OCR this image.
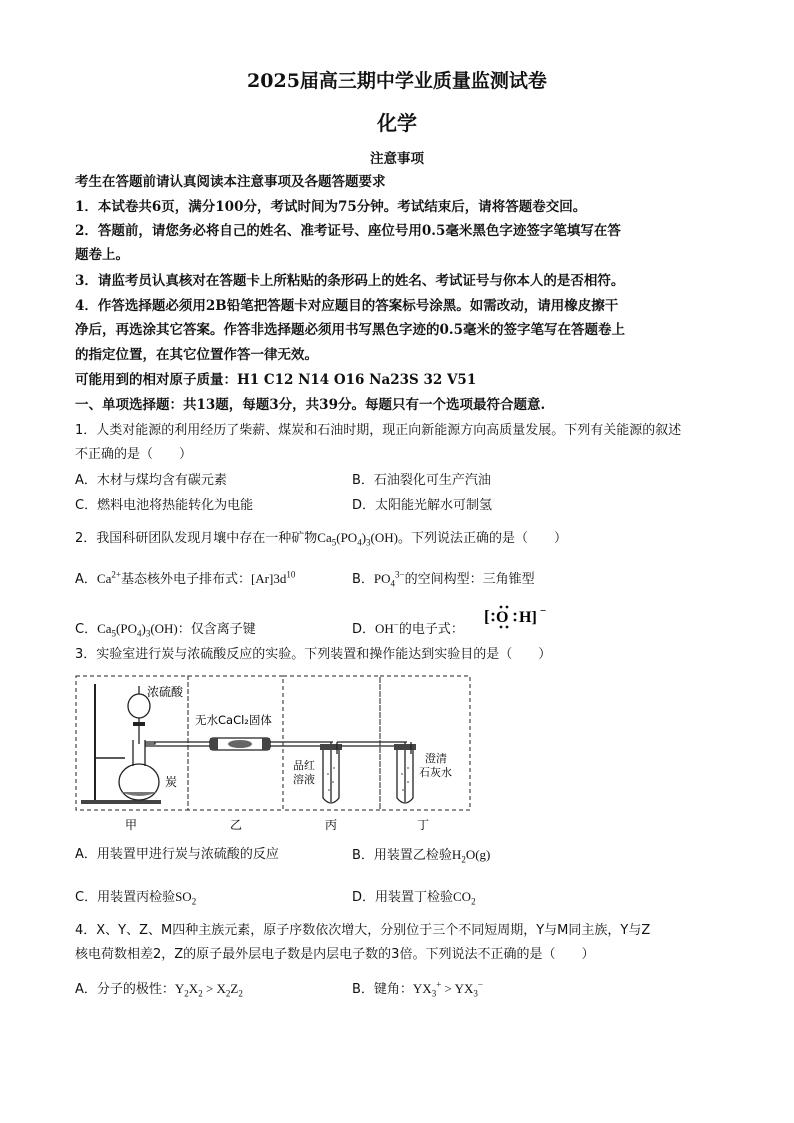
2025届高三期中学业质量监测试卷
化学
注意事项
考生在答题前请认真阅读本注意事项及各题答题要求
1．本试卷共6页，满分100分，考试时间为75分钟。考试结束后，请将答题卷交回。
2．答题前，请您务必将自己的姓名、准考证号、座位号用0.5毫米黑色字迹签字笔填写在答
题卷上。
3．请监考员认真核对在答题卡上所粘贴的条形码上的姓名、考试证号与你本人的是否相符。
4．作答选择题必须用2B铅笔把答题卡对应题目的答案标号涂黑。如需改动，请用橡皮擦干
净后，再选涂其它答案。作答非选择题必须用书写黑色字迹的0.5毫米的签字笔写在答题卷上
的指定位置，在其它位置作答一律无效。
可能用到的相对原子质量：H1 C12 N14 O16 Na23S 32 V51
一、单项选择题：共13题，每题3分，共39分。每题只有一个选项最符合题意.
1．人类对能源的利用经历了柴薪、煤炭和石油时期，现正向新能源方向高质量发展。下列有关能源的叙述
不正确的是（　　）
A．木材与煤均含有碳元素	B．石油裂化可生产汽油
C．燃料电池将热能转化为电能	D．太阳能光解水可制氢
2．我国科研团队发现月壤中存在一种矿物$Ca_5(PO_4)_3(OH)$。下列说法正确的是（　　）
A．$Ca^{2+}$基态核外电子排布式：$[Ar]3d^{10}$	B．$PO_4^{3-}$的空间构型：三角锥型
C．$Ca_5(PO_4)_3(OH)$：仅含离子键	D．OH−的电子式：
[ O H] −
3．实验室进行炭与浓硫酸反应的实验。下列装置和操作能达到实验目的是（　　）
浓硫酸
无水CaCl₂固体
炭
品红
溶液
澄清
石灰水
甲	乙	丙	丁
A．用装置甲进行炭与浓硫酸的反应	B．用装置乙检验$H_2O(g)$
C．用装置丙检验$SO_2$	D．用装置丁检验$CO_2$
4．X、Y、Z、M四种主族元素，原子序数依次增大，分别位于三个不同短周期，Y与M同主族，Y与Z
核电荷数相差2，Z的原子最外层电子数是内层电子数的3倍。下列说法不正确的是（　　）
A．分子的极性：$Y_2X_2 > X_2Z_2$	B．键角：$YX_3^+ > YX_3^-$
